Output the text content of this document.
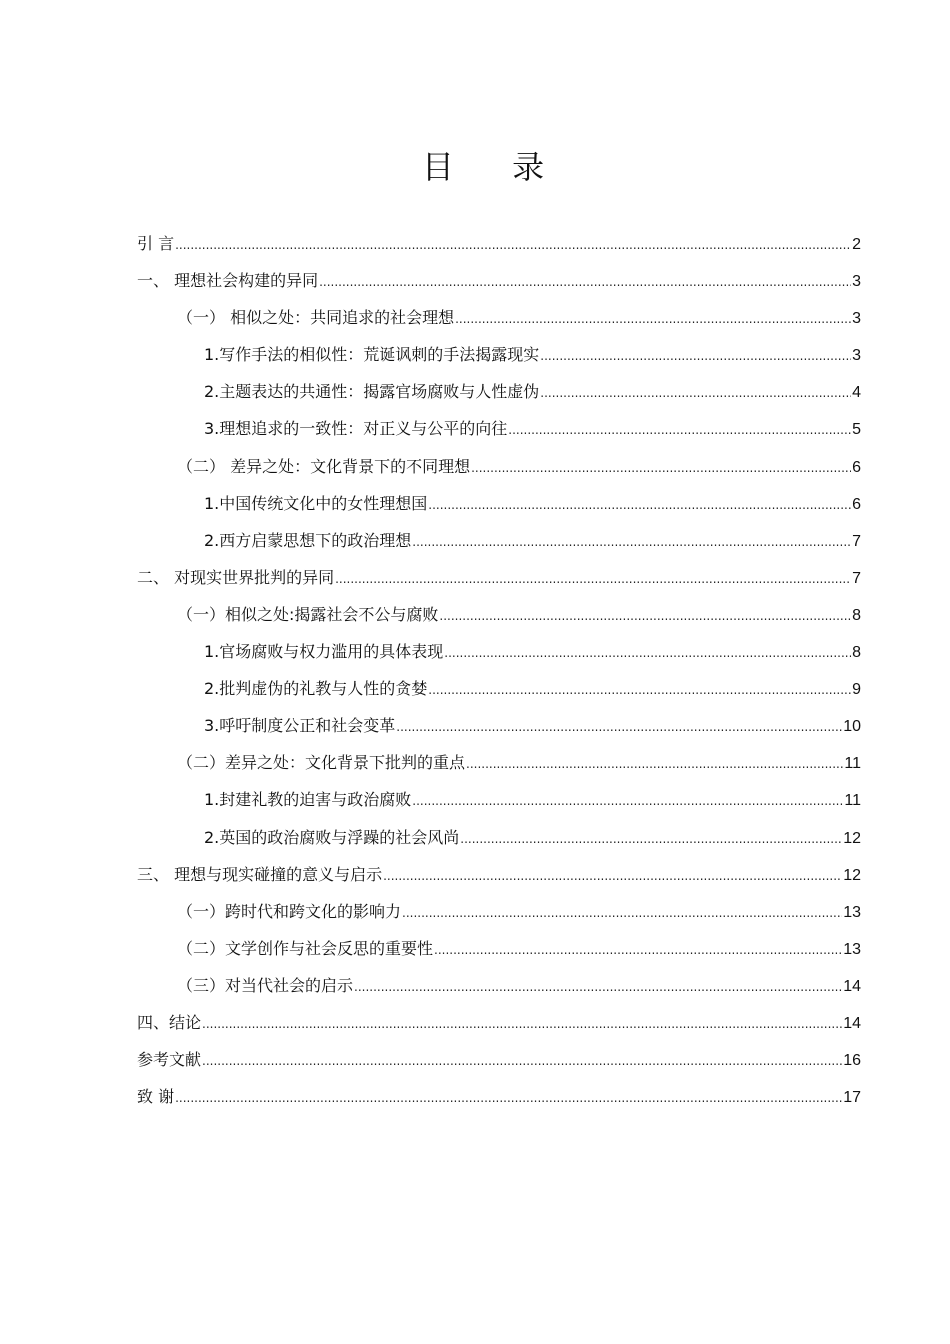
目 录
引 言 .....	2
一、 理想社会构建的异同 .....	3
（一） 相似之处：共同追求的社会理想 .....	3
1.写作手法的相似性：荒诞讽刺的手法揭露现实 .....	3
2.主题表达的共通性：揭露官场腐败与人性虚伪 .....	4
3.理想追求的一致性：对正义与公平的向往 .....	5
（二） 差异之处：文化背景下的不同理想 .....	6
1.中国传统文化中的女性理想国 .....	6
2.西方启蒙思想下的政治理想 .....	7
二、 对现实世界批判的异同 .....	7
（一）相似之处:揭露社会不公与腐败 .....	8
1.官场腐败与权力滥用的具体表现 .....	8
2.批判虚伪的礼教与人性的贪婪 .....	9
3.呼吁制度公正和社会变革 .....	10
（二）差异之处：文化背景下批判的重点 .....	11
1.封建礼教的迫害与政治腐败 .....	11
2.英国的政治腐败与浮躁的社会风尚 .....	12
三、 理想与现实碰撞的意义与启示 .....	12
（一）跨时代和跨文化的影响力 .....	13
（二）文学创作与社会反思的重要性 .....	13
（三）对当代社会的启示 .....	14
四、结论 .....	14
参考文献 .....	16
致 谢 .....	17
